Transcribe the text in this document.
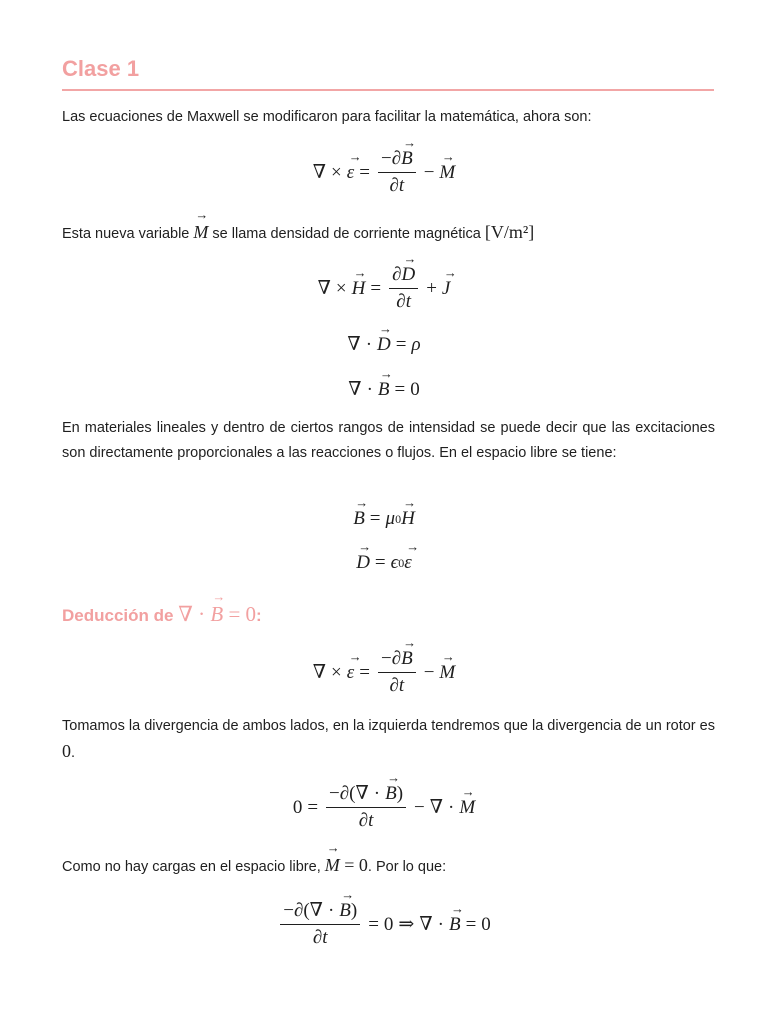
Clase 1
Las ecuaciones de Maxwell se modificaron para facilitar la matemática, ahora son:
∇ × → $\varepsilon = \frac{-\partial\to B}{\partial t}$ − → M
Esta nueva variable → M se llama densidad de corriente magnética [V/m²]
∇ × → $H = \frac{\partial\to D}{\partial t}$ + → J
∇ · → D = ρ
∇ · → B = 0
En materiales lineales y dentro de ciertos rangos de intensidad se puede decir que las excitaciones son directamente proporcionales a las reacciones o flujos. En el espacio libre se tiene:
→ B = μ 0 → H
→ D = ϵ 0 → ε
Deducción de ∇ · → B = 0:
∇ × → $\varepsilon = \frac{-\partial\to B}{\partial t}$ − → M
Tomamos la divergencia de ambos lados, en la izquierda tendremos que la divergencia de un rotor es 0.
$0 = \frac{-\partial(\nabla \cdot \to B)}{\partial t}$ − ∇ · → M
Como no hay cargas en el espacio libre, → M = 0. Por lo que:
$\frac{-\partial(\nabla \cdot \to B)}{\partial t} = 0$ ⇒ ∇ · → B = 0
